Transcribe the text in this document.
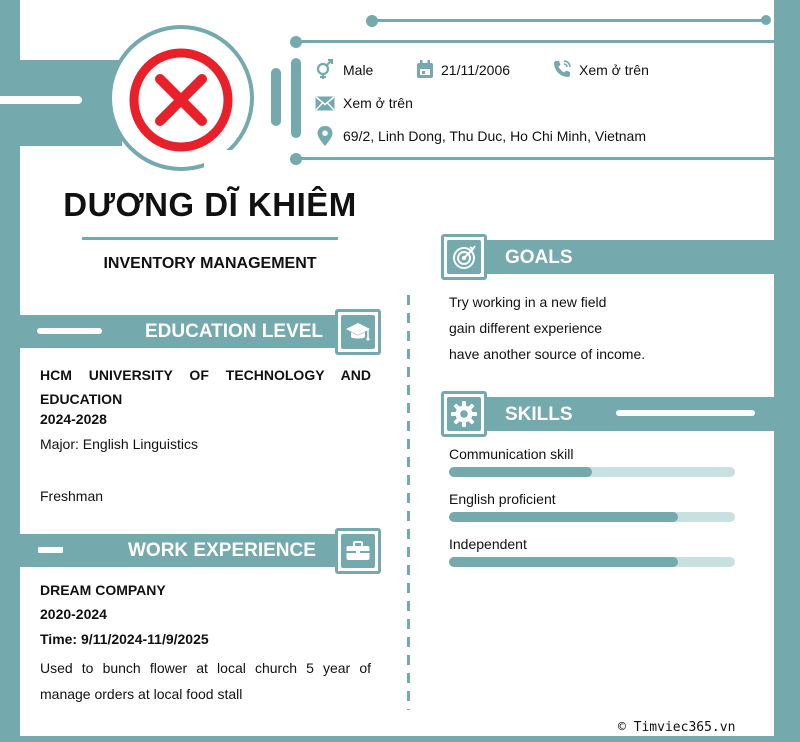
Male	21/11/2006	Xem ở trên
Xem ở trên
69/2, Linh Dong, Thu Duc, Ho Chi Minh, Vietnam
DƯƠNG DĨ KHIÊM
INVENTORY MANAGEMENT
EDUCATION LEVEL
HCM UNIVERSITY OF TECHNOLOGY AND EDUCATION
2024-2028
Major: English Linguistics
Freshman
WORK EXPERIENCE
DREAM COMPANY
2020-2024
Time: 9/11/2024-11/9/2025
Used to bunch flower at local church 5 year of manage orders at local food stall
GOALS
Try working in a new field
gain different experience
have another source of income.
SKILLS
Communication skill
English proficient
Independent
© Timviec365.vn
